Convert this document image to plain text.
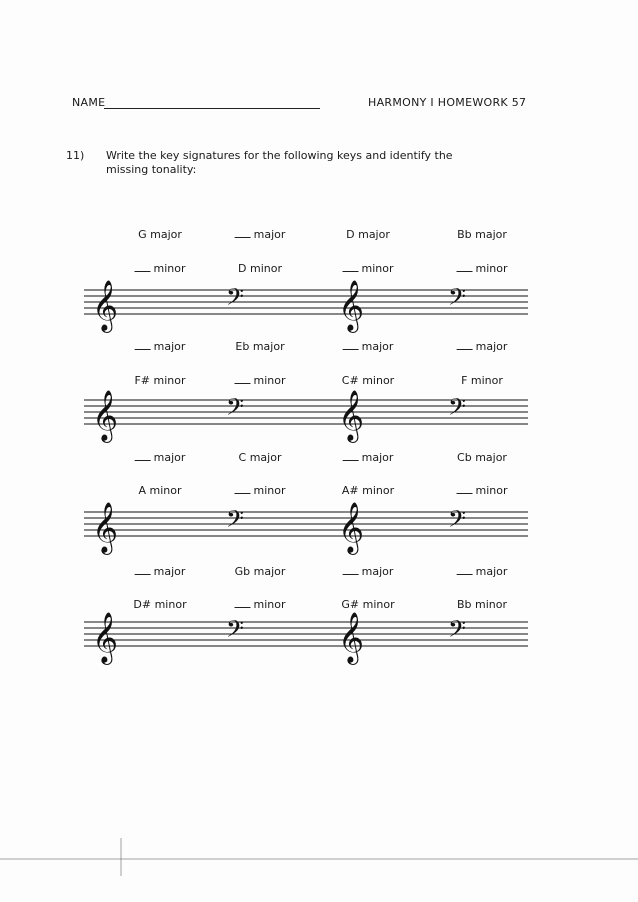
NAME	HARMONY I HOMEWORK 57
11) Write the key signatures for the following keys and identify the
missing tonality:
G major	major	D major	Bb major
minor	D minor	minor	minor
major	Eb major	major	major
F# minor	minor	C# minor	F minor
major	C major	major	Cb major
A minor	minor	A# minor	minor
major	Gb major	major	major
D# minor	minor	G# minor	Bb minor
𝄞	𝄢 𝄞	𝄢
𝄞	𝄢 𝄞	𝄢
𝄞	𝄢 𝄞	𝄢
𝄞	𝄢 𝄞	𝄢
